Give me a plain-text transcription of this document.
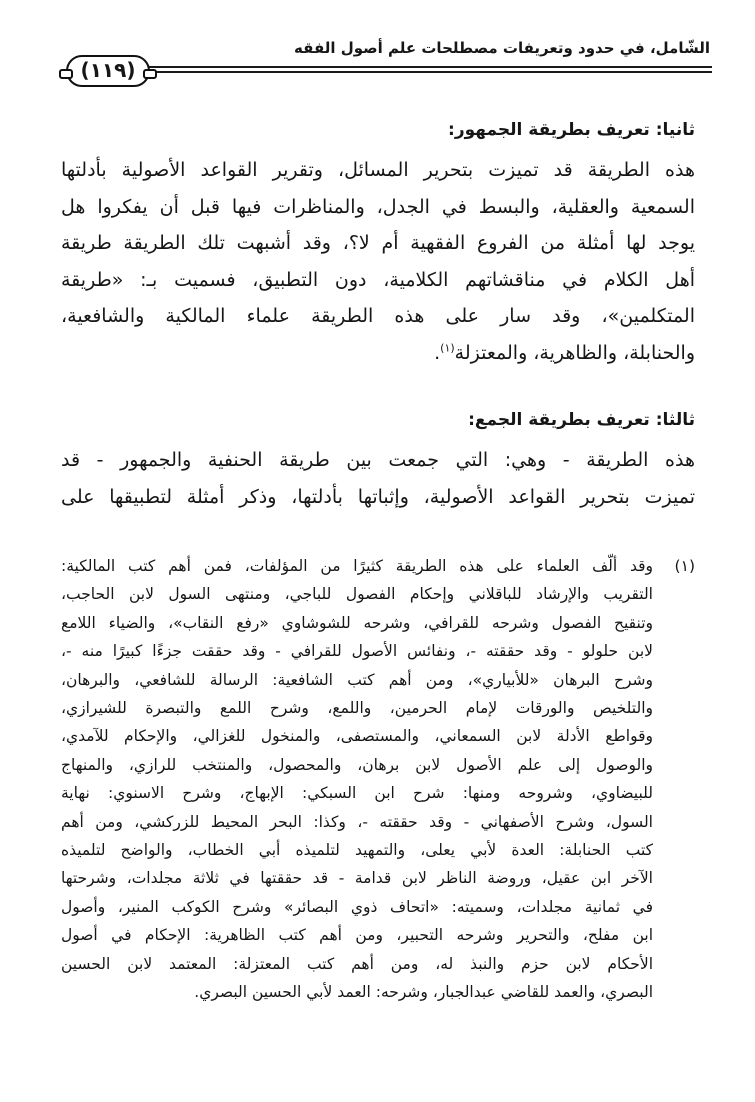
الشّامل، في حدود وتعريفات مصطلحات علم أصول الفقه
(١١٩)
ثانيا: تعريف بطريقة الجمهور:
هذه الطريقة قد تميزت بتحرير المسائل، وتقرير القواعد الأصولية بأدلتها
السمعية والعقلية، والبسط في الجدل، والمناظرات فيها قبل أن يفكروا هل
يوجد لها أمثلة من الفروع الفقهية أم لا؟، وقد أشبهت تلك الطريقة طريقة
أهل الكلام في مناقشاتهم الكلامية، دون التطبيق، فسميت بـ: «طريقة
المتكلمين»، وقد سار على هذه الطريقة علماء المالكية والشافعية،
والحنابلة، والظاهرية، والمعتزلة$^{(١)}$.
ثالثا: تعريف بطريقة الجمع:
هذه الطريقة - وهي: التي جمعت بين طريقة الحنفية والجمهور - قد
تميزت بتحرير القواعد الأصولية، وإثباتها بأدلتها، وذكر أمثلة لتطبيقها على
(١)
وقد ألّف العلماء على هذه الطريقة كثيرًا من المؤلفات، فمن أهم كتب المالكية:
التقريب والإرشاد للباقلاني وإحكام الفصول للباجي، ومنتهى السول لابن الحاجب،
وتنقيح الفصول وشرحه للقرافي، وشرحه للشوشاوي «رفع النقاب»، والضياء اللامع
لابن حلولو - وقد حققته -، ونفائس الأصول للقرافي - وقد حققت جزءًا كبيرًا منه -،
وشرح البرهان «للأبياري»، ومن أهم كتب الشافعية: الرسالة للشافعي، والبرهان،
والتلخيص والورقات لإمام الحرمين، واللمع، وشرح اللمع والتبصرة للشيرازي،
وقواطع الأدلة لابن السمعاني، والمستصفى، والمنخول للغزالي، والإحكام للآمدي،
والوصول إلى علم الأصول لابن برهان، والمحصول، والمنتخب للرازي، والمنهاج
للبيضاوي، وشروحه ومنها: شرح ابن السبكي: الإبهاج، وشرح الاسنوي: نهاية
السول، وشرح الأصفهاني - وقد حققته -، وكذا: البحر المحيط للزركشي، ومن أهم
كتب الحنابلة: العدة لأبي يعلى، والتمهيد لتلميذه أبي الخطاب، والواضح لتلميذه
الآخر ابن عقيل، وروضة الناظر لابن قدامة - قد حققتها في ثلاثة مجلدات، وشرحتها
في ثمانية مجلدات، وسميته: «اتحاف ذوي البصائر» وشرح الكوكب المنير، وأصول
ابن مفلح، والتحرير وشرحه التحبير، ومن أهم كتب الظاهرية: الإحكام في أصول
الأحكام لابن حزم والنبذ له، ومن أهم كتب المعتزلة: المعتمد لابن الحسين
البصري، والعمد للقاضي عبدالجبار، وشرحه: العمد لأبي الحسين البصري.
